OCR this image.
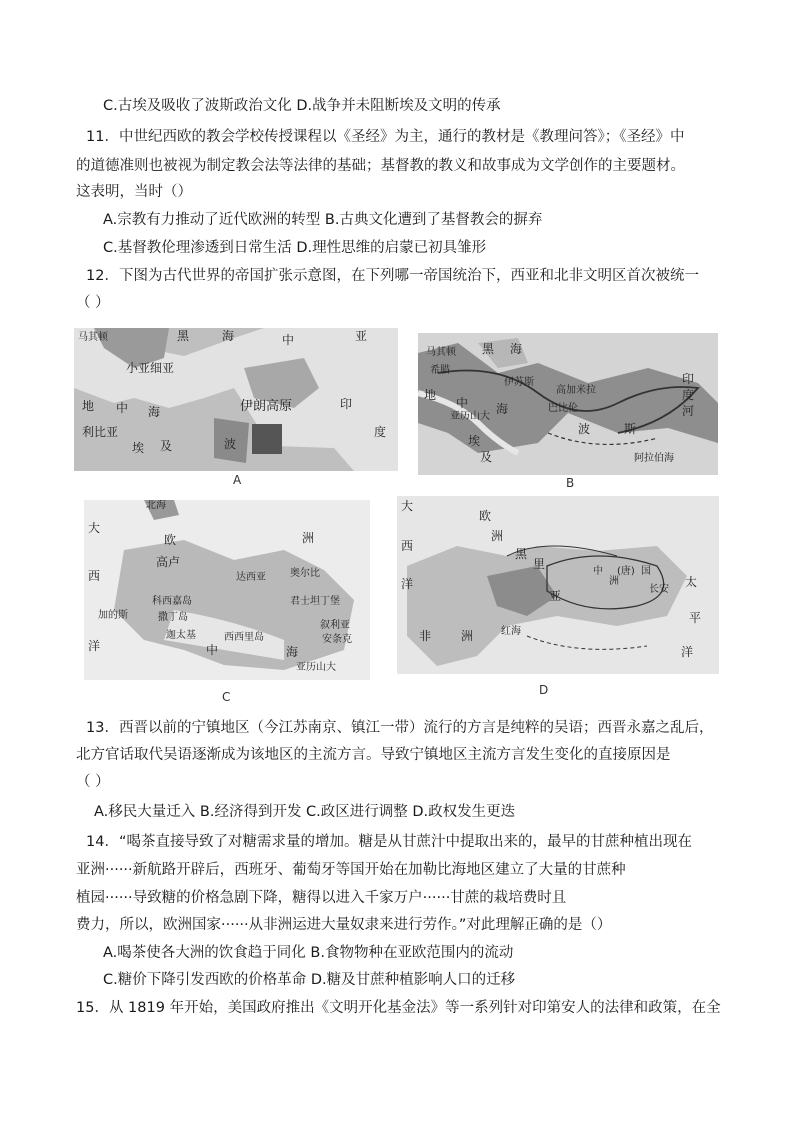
C.古埃及吸收了波斯政治文化 D.战争并未阻断埃及文明的传承
11．中世纪西欧的教会学校传授课程以《圣经》为主，通行的教材是《教理问答》；《圣经》中
的道德准则也被视为制定教会法等法律的基础；基督教的教义和故事成为文学创作的主要题材。
这表明，当时（）
A.宗教有力推动了近代欧洲的转型 B.古典文化遭到了基督教会的摒弃
C.基督教伦理渗透到日常生活 D.理性思维的启蒙已初具雏形
12．下图为古代世界的帝国扩张示意图，在下列哪一帝国统治下，西亚和北非文明区首次被统一
（ ）
马其顿	黑	海	中	亚
小亚细亚
地 中 海	伊朗高原
利比亚
埃 及	波
印
度
A
马其顿 黑 海
希腊
伊苏斯
高加米拉
中
地
海	巴比伦
亚历山大
埃
及
波	斯
印
度
河
阿拉伯海
B
北海
大
欧	洲
西
高卢
达西亚 奥尔比
科西嘉岛	君士坦丁堡
加的斯	撒丁岛
迦太基	西西里岛
中	海
亚历山大
叙利亚
安条克
洋
C
大
西
洋
欧
洲
黑
里
亚
洲
中 (唐) 国
长安
非 洲	红海
太
平
洋
D
13．西晋以前的宁镇地区（今江苏南京、镇江一带）流行的方言是纯粹的吴语；西晋永嘉之乱后，
北方官话取代吴语逐渐成为该地区的主流方言。导致宁镇地区主流方言发生变化的直接原因是
（ ）
A.移民大量迁入 B.经济得到开发 C.政区进行调整 D.政权发生更迭
14．“喝茶直接导致了对糖需求量的增加。糖是从甘蔗汁中提取出来的，最早的甘蔗种植出现在
亚洲······新航路开辟后，西班牙、葡萄牙等国开始在加勒比海地区建立了大量的甘蔗种
植园······导致糖的价格急剧下降，糖得以进入千家万户······甘蔗的栽培费时且
费力，所以，欧洲国家······从非洲运进大量奴隶来进行劳作。”对此理解正确的是（）
A.喝茶使各大洲的饮食趋于同化 B.食物物种在亚欧范围内的流动
C.糖价下降引发西欧的价格革命 D.糖及甘蔗种植影响人口的迁移
15．从 1819 年开始，美国政府推出《文明开化基金法》等一系列针对印第安人的法律和政策，在全
